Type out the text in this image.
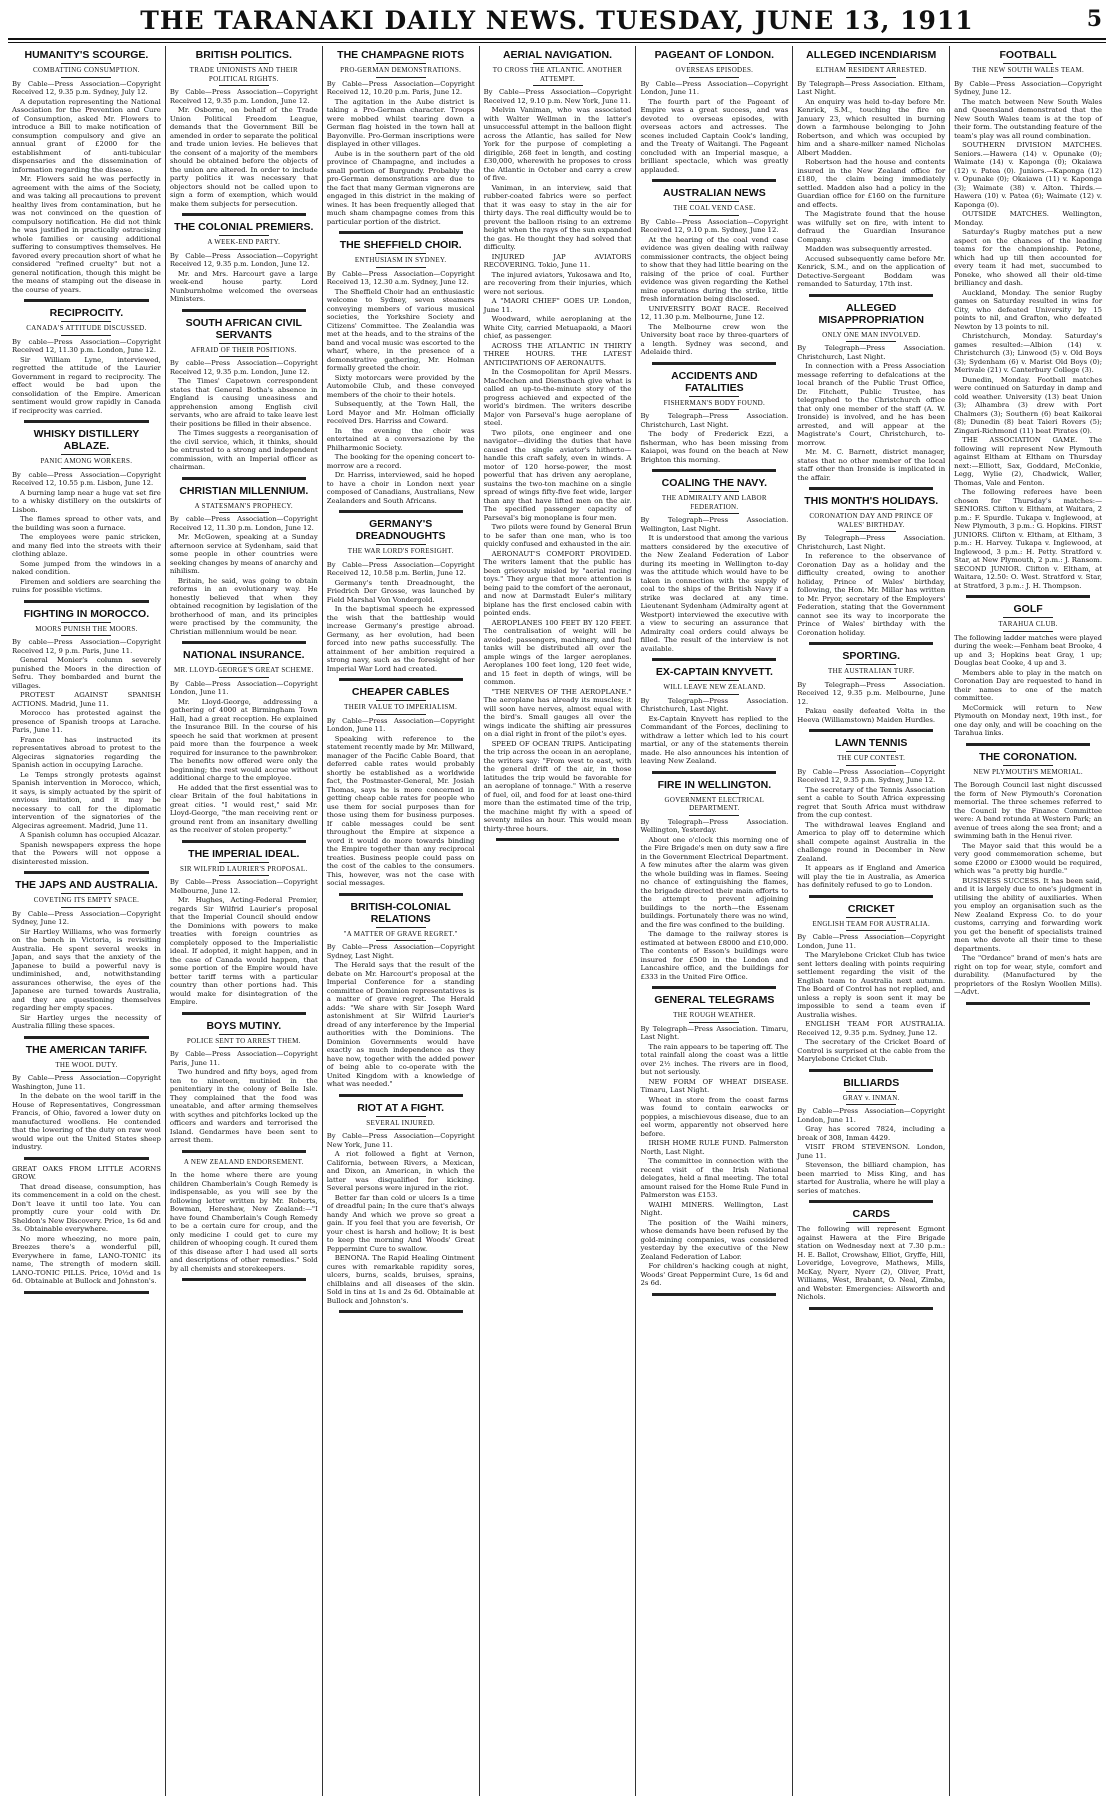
THE TARANAKI DAILY NEWS. TUESDAY, JUNE 13, 1911	5
HUMANITY'S SCOURGE.
COMBATTING CONSUMPTION.

By Cable—Press Association—Copyright Received 12, 9.35 p.m. Sydney, July 12.

A deputation representing the National Association for the Prevention and Cure of Consumption, asked Mr. Flowers to introduce a Bill to make notification of consumption compulsory and give an annual grant of £2000 for the establishment of anti-tubicular dispensaries and the dissemination of information regarding the disease.

Mr. Flowers said he was perfectly in agreement with the aims of the Society, and was taking all precautions to prevent healthy lives from contamination, but he was not convinced on the question of compulsory notification. He did not think he was justified in practically ostracising whole families or causing additional suffering to consumptives themselves. He favored every precaution short of what he considered "refined cruelty" but not a general notification, though this might be the means of stamping out the disease in the course of years.

RECIPROCITY.
CANADA'S ATTITUDE DISCUSSED.

By cable—Press Association—Copyright Received 12, 11.30 p.m. London, June 12.

Sir William Lyne, interviewed, regretted the attitude of the Laurier Government in regard to reciprocity. The effect would be bad upon the consolidation of the Empire. American sentiment would grow rapidly in Canada if reciprocity was carried.

WHISKY DISTILLERY ABLAZE.
PANIC AMONG WORKERS.

By cable—Press Association—Copyright Received 12, 10.55 p.m. Lisbon, June 12.

A burning lamp near a huge vat set fire to a whisky distillery on the outskirts of Lisbon.

The flames spread to other vats, and the building was soon a furnace.

The employees were panic stricken, and many fled into the streets with their clothing ablaze.

Some jumped from the windows in a naked condition.

Firemen and soldiers are searching the ruins for possible victims.

FIGHTING IN MOROCCO.
MOORS PUNISH THE MOORS.

By cable—Press Association—Copyright Received 12, 9 p.m. Paris, June 11.

General Monier's column severely punished the Moors in the direction of Sefru. They bombarded and burnt the villages.

PROTEST AGAINST SPANISH ACTIONS. Madrid, June 11.

Morocco has protested against the presence of Spanish troops at Larache. Paris, June 11.

France has instructed its representatives abroad to protest to the Algeciras signatories regarding the Spanish action in occupying Larache.

Le Temps strongly protests against Spanish intervention in Morocco, which, it says, is simply actuated by the spirit of envious imitation, and it may be necessary to call for the diplomatic intervention of the signatories of the Algeciras agreement. Madrid, June 11.

A Spanish column has occupied Alcazar.

Spanish newspapers express the hope that the Powers will not oppose a disinterested mission.

THE JAPS AND AUSTRALIA.
COVETING ITS EMPTY SPACE.

By Cable—Press Association—Copyright Sydney, June 12.

Sir Hartley Williams, who was formerly on the bench in Victoria, is revisiting Australia. He spent several weeks in Japan, and says that the anxiety of the Japanese to build a powerful navy is undiminished, and, notwithstanding assurances otherwise, the eyes of the Japanese are turned towards Australia, and they are questioning themselves regarding her empty spaces.

Sir Hartley urges the necessity of Australia filling these spaces.

THE AMERICAN TARIFF.
THE WOOL DUTY.

By Cable—Press Association—Copyright Washington, June 11.

In the debate on the wool tariff in the House of Representatives, Congressman Francis, of Ohio, favored a lower duty on manufactured woollens. He contended that the lowering of the duty on raw wool would wipe out the United States sheep industry.

GREAT OAKS FROM LITTLE ACORNS GROW.

That dread disease, consumption, has its commencement in a cold on the chest. Don't leave it until too late. You can promptly cure your cold with Dr. Sheldon's New Discovery. Price, 1s 6d and 3s. Obtainable everywhere.

No more wheezing, no more pain, Breezes there's a wonderful pill, Everywhere in fame, LANO-TONIC its name, The strength of modern skill. LANO-TONIC PILLS. Price, 10½d and 1s 6d. Obtainable at Bullock and Johnston's.

BRITISH POLITICS.
TRADE UNIONISTS AND THEIR POLITICAL RIGHTS.

By Cable—Press Association—Copyright Received 12, 9.35 p.m. London, June 12.

Mr. Osborne, on behalf of the Trade Union Political Freedom League, demands that the Government Bill be amended in order to separate the political and trade union levies. He believes that the consent of a majority of the members should be obtained before the objects of the union are altered. In order to include party politics it was necessary that objectors should not be called upon to sign a form of exemption, which would make them subjects for persecution.

THE COLONIAL PREMIERS.
A WEEK-END PARTY.

By Cable—Press Association—Copyright Received 12, 9.35 p.m. London, June 12.

Mr. and Mrs. Harcourt gave a large week-end house party. Lord Nunburnholme welcomed the overseas Ministers.

SOUTH AFRICAN CIVIL SERVANTS
AFRAID OF THEIR POSITIONS.

By cable—Press Association—Copyright Received 12, 9.35 p.m. London, June 12.

The Times' Capetown correspondent states that General Botha's absence in England is causing uneasiness and apprehension among English civil servants, who are afraid to take leave lest their positions be filled in their absence.

The Times suggests a reorganisation of the civil service, which, it thinks, should be entrusted to a strong and independent commission, with an Imperial officer as chairman.

CHRISTIAN MILLENNIUM.
A STATESMAN'S PROPHECY.

By cable—Press Association—Copyright Received 12, 11.30 p.m. London, June 12.

Mr. McGowen, speaking at a Sunday afternoon service at Sydenham, said that some people in other countries were seeking changes by means of anarchy and nihilism.

Britain, he said, was going to obtain reforms in an evolutionary way. He honestly believed that when they obtained recognition by legislation of the brotherhood of man, and its principles were practised by the community, the Christian millennium would be near.

NATIONAL INSURANCE.
MR. LLOYD-GEORGE'S GREAT SCHEME.

By Cable—Press Association—Copyright London, June 11.

Mr. Lloyd-George, addressing a gathering of 4000 at Birmingham Town Hall, had a great reception. He explained the Insurance Bill. In the course of his speech he said that workmen at present paid more than the fourpence a week required for insurance to the pawnbroker. The benefits now offered were only the beginning; the rest would accrue without additional charge to the employee.

He added that the first essential was to clear Britain of the foul habitations in great cities. "I would rest," said Mr. Lloyd-George, "the man receiving rent or ground rent from an insanitary dwelling as the receiver of stolen property."

THE IMPERIAL IDEAL.
SIR WILFRID LAURIER'S PROPOSAL.

By Cable—Press Association—Copyright Melbourne, June 12.

Mr. Hughes, Acting-Federal Premier, regards Sir Wilfrid Laurier's proposal that the Imperial Council should endow the Dominions with powers to make treaties with foreign countries as completely opposed to the Imperialistic ideal. If adopted, it might happen, and in the case of Canada would happen, that some portion of the Empire would have better tariff terms with a particular country than other portions had. This would make for disintegration of the Empire.

BOYS MUTINY.
POLICE SENT TO ARREST THEM.

By Cable—Press Association—Copyright Paris, June 11.

Two hundred and fifty boys, aged from ten to nineteen, mutinied in the penitentiary in the colony of Belle Isle. They complained that the food was uneatable, and after arming themselves with scythes and pitchforks locked up the officers and warders and terrorised the Island. Gendarmes have been sent to arrest them.

A NEW ZEALAND ENDORSEMENT.

In the home where there are young children Chamberlain's Cough Remedy is indispensable, as you will see by the following letter written by Mr. Roberts, Bowman, Hereshaw, New Zealand:—"I have found Chamberlain's Cough Remedy to be a certain cure for croup, and the only medicine I could get to cure my children of whooping cough. It cured them of this disease after I had used all sorts and descriptions of other remedies." Sold by all chemists and storekeepers.

THE CHAMPAGNE RIOTS
PRO-GERMAN DEMONSTRATIONS.

By Cable—Press Association—Copyright Received 12, 10.20 p.m. Paris, June 12.

The agitation in the Aube district is taking a Pro-German character. Troops were mobbed whilst tearing down a German flag hoisted in the town hall at Bayonville. Pro-German inscriptions were displayed in other villages.

Aube is in the southern part of the old province of Champagne, and includes a small portion of Burgundy. Probably the pro-German demonstrations are due to the fact that many German vignerons are engaged in this district in the making of wines. It has been frequently alleged that much sham champagne comes from this particular portion of the district.

THE SHEFFIELD CHOIR.
ENTHUSIASM IN SYDNEY.

By Cable—Press Association—Copyright Received 13, 12.30 a.m. Sydney, June 12.

The Sheffield Choir had an enthusiastic welcome to Sydney, seven steamers conveying members of various musical societies, the Yorkshire Society and Citizens' Committee. The Zealandia was met at the heads, and to the strains of the band and vocal music was escorted to the wharf, where, in the presence of a demonstrative gathering, Mr. Holman formally greeted the choir.

Sixty motorcars were provided by the Automobile Club, and these conveyed members of the choir to their hotels.

Subsequently, at the Town Hall, the Lord Mayor and Mr. Holman officially received Drs. Harriss and Coward.

In the evening the choir was entertained at a conversazione by the Philharmonic Society.

The booking for the opening concert to-morrow are a record.

Dr. Harriss, interviewed, said he hoped to have a choir in London next year composed of Canadians, Australians, New Zealanders and South Africans.

GERMANY'S DREADNOUGHTS
THE WAR LORD'S FORESIGHT.

By Cable—Press Association—Copyright Received 12, 10.58 p.m. Berlin, June 12.

Germany's tenth Dreadnought, the Friedrich Der Grosse, was launched by Field Marshal Von Vondergold.

In the baptismal speech he expressed the wish that the battleship would increase Germany's prestige abroad. Germany, as her evolution, had been forced into new paths successfully. The attainment of her ambition required a strong navy, such as the foresight of her Imperial War Lord had created.

CHEAPER CABLES
THEIR VALUE TO IMPERIALISM.

By Cable—Press Association—Copyright London, June 11.

Speaking with reference to the statement recently made by Mr. Millward, manager of the Pacific Cable Board, that deferred cable rates would probably shortly be established as a worldwide fact, the Postmaster-General, Mr. Josiah Thomas, says he is more concerned in getting cheap cable rates for people who use them for social purposes than for those using them for business purposes. If cable messages could be sent throughout the Empire at sixpence a word it would do more towards binding the Empire together than any reciprocal treaties. Business people could pass on the cost of the cables to the consumers. This, however, was not the case with social messages.

BRITISH-COLONIAL RELATIONS
"A MATTER OF GRAVE REGRET."

By Cable—Press Association—Copyright Sydney, Last Night.

The Herald says that the result of the debate on Mr. Harcourt's proposal at the Imperial Conference for a standing committee of Dominion representatives is a matter of grave regret. The Herald adds: "We share with Sir Joseph Ward astonishment at Sir Wilfrid Laurier's dread of any interference by the Imperial authorities with the Dominions. The Dominion Governments would have exactly as much independence as they have now, together with the added power of being able to co-operate with the United Kingdom with a knowledge of what was needed."

RIOT AT A FIGHT.
SEVERAL INJURED.

By Cable—Press Association—Copyright New York, June 11.

A riot followed a fight at Vernon, California, between Rivers, a Mexican, and Dixon, an American, in which the latter was disqualified for kicking. Several persons were injured in the riot.

Better far than cold or ulcers Is a time of dreadful pain; In the cure that's always handy And which we prove so great a gain. If you feel that you are feverish, Or your chest is harsh and hollow; It is best to keep the morning And Woods' Great Peppermint Cure to swallow.

BENONA. The Rapid Healing Ointment cures with remarkable rapidity sores, ulcers, burns, scalds, bruises, sprains, chilblains and all diseases of the skin. Sold in tins at 1s and 2s 6d. Obtainable at Bullock and Johnston's.

AERIAL NAVIGATION.
TO CROSS THE ATLANTIC. ANOTHER ATTEMPT.

By Cable—Press Association—Copyright Received 12, 9.10 p.m. New York, June 11.

Melvin Vaniman, who was associated with Walter Wellman in the latter's unsuccessful attempt in the balloon flight across the Atlantic, has sailed for New York for the purpose of completing a dirigible, 268 feet in length, and costing £30,000, wherewith he proposes to cross the Atlantic in October and carry a crew of five.

Vaniman, in an interview, said that rubber-coated fabrics were so perfect that it was easy to stay in the air for thirty days. The real difficulty would be to prevent the balloon rising to an extreme height when the rays of the sun expanded the gas. He thought they had solved that difficulty.

INJURED JAP AVIATORS RECOVERING. Tokio, June 11.

The injured aviators, Yukosawa and Ito, are recovering from their injuries, which were not serious.

A "MAORI CHIEF" GOES UP. London, June 11.

Woodward, while aeroplaning at the White City, carried Metuapaoki, a Maori chief, as passenger.

ACROSS THE ATLANTIC IN THIRTY THREE HOURS. THE LATEST ANTICIPATIONS OF AERONAUTS.

In the Cosmopolitan for April Messrs. MacMechen and Dienstbach give what is called an up-to-the-minute story of the progress achieved and expected of the world's birdmen. The writers describe Major von Parseval's huge aeroplane of steel.

Two pilots, one engineer and one navigator—dividing the duties that have caused the single aviator's hitherto—handle this craft safely, even in winds. A motor of 120 horse-power, the most powerful that has driven any aeroplane, sustains the two-ton machine on a single spread of wings fifty-five feet wide, larger than any that have lifted men on the air. The specified passenger capacity of Parseval's big monoplane is four men.

Two pilots were found by General Brun to be safer than one man, who is too quickly confused and exhausted in the air.

AERONAUT'S COMFORT PROVIDED. The writers lament that the public has been grievously misled by "aerial racing toys." They argue that more attention is being paid to the comfort of the aeronaut, and now at Darmstadt Euler's military biplane has the first enclosed cabin with pointed ends.

AEROPLANES 100 FEET BY 120 FEET. The centralisation of weight will be avoided; passengers, machinery, and fuel tanks will be distributed all over the ample wings of the larger aeroplanes. Aeroplanes 100 feet long, 120 feet wide, and 15 feet in depth of wings, will be common.

"THE NERVES OF THE AEROPLANE." The aeroplane has already its muscles; it will soon have nerves, almost equal with the bird's. Small gauges all over the wings indicate the shifting air pressures on a dial right in front of the pilot's eyes.

SPEED OF OCEAN TRIPS. Anticipating the trip across the ocean in an aeroplane, the writers say: "From west to east, with the general drift of the air, in those latitudes the trip would be favorable for an aeroplane of tonnage." With a reserve of fuel, oil, and food for at least one-third more than the estimated time of the trip, the machine might fly with a speed of seventy miles an hour. This would mean thirty-three hours.

PAGEANT OF LONDON.
OVERSEAS EPISODES.

By Cable—Press Association—Copyright London, June 11.

The fourth part of the Pageant of Empire was a great success, and was devoted to overseas episodes, with overseas actors and actresses. The scenes included Captain Cook's landing, and the Treaty of Waitangi. The Pageant concluded with an Imperial masque, a brilliant spectacle, which was greatly applauded.

AUSTRALIAN NEWS
THE COAL VEND CASE.

By Cable—Press Association—Copyright Received 12, 9.10 p.m. Sydney, June 12.

At the hearing of the coal vend case evidence was given dealing with railway commissioner contracts, the object being to show that they had little bearing on the raising of the price of coal. Further evidence was given regarding the Kethel mine operations during the strike, little fresh information being disclosed.

UNIVERSITY BOAT RACE. Received 12, 11.30 p.m. Melbourne, June 12.

The Melbourne crew won the University boat race by three-quarters of a length. Sydney was second, and Adelaide third.

ACCIDENTS AND FATALITIES
FISHERMAN'S BODY FOUND.

By Telegraph—Press Association. Christchurch, Last Night.

The body of Frederick Ezzi, a fisherman, who has been missing from Kaiapoi, was found on the beach at New Brighton this morning.

COALING THE NAVY.
THE ADMIRALTY AND LABOR FEDERATION.

By Telegraph—Press Association. Wellington, Last Night.

It is understood that among the various matters considered by the executive of the New Zealand Federation of Labor during its meeting in Wellington to-day was the attitude which would have to be taken in connection with the supply of coal to the ships of the British Navy if a strike was declared at any time. Lieutenant Sydenham (Admiralty agent at Westport) interviewed the executive with a view to securing an assurance that Admiralty coal orders could always be filled. The result of the interview is not available.

EX-CAPTAIN KNYVETT.
WILL LEAVE NEW ZEALAND.

By Telegraph—Press Association. Christchurch, Last Night.

Ex-Captain Knyvett has replied to the Commandant of the Forces, declining to withdraw a letter which led to his court martial, or any of the statements therein made. He also announces his intention of leaving New Zealand.

FIRE IN WELLINGTON.
GOVERNMENT ELECTRICAL DEPARTMENT.

By Telegraph—Press Association. Wellington, Yesterday.

About one o'clock this morning one of the Fire Brigade's men on duty saw a fire in the Government Electrical Department. A few minutes after the alarm was given the whole building was in flames. Seeing no chance of extinguishing the flames, the brigade directed their main efforts to the attempt to prevent adjoining buildings to the north—the Essenam buildings. Fortunately there was no wind, and the fire was confined to the building.

The damage to the railway stores is estimated at between £8000 and £10,000. The contents of Esson's buildings were insured for £500 in the London and Lancashire office, and the buildings for £333 in the United Fire Office.

GENERAL TELEGRAMS
THE ROUGH WEATHER.

By Telegraph—Press Association. Timaru, Last Night.

The rain appears to be tapering off. The total rainfall along the coast was a little over 2½ inches. The rivers are in flood, but not seriously.

NEW FORM OF WHEAT DISEASE. Timaru, Last Night.

Wheat in store from the coast farms was found to contain earwocks or poppies, a mischievous disease, due to an eel worm, apparently not observed here before.

IRISH HOME RULE FUND. Palmerston North, Last Night.

The committee in connection with the recent visit of the Irish National delegates, held a final meeting. The total amount raised for the Home Rule Fund in Palmerston was £153.

WAIHI MINERS. Wellington, Last Night.

The position of the Waihi miners, whose demands have been refused by the gold-mining companies, was considered yesterday by the executive of the New Zealand Federation of Labor.

For children's hacking cough at night, Woods' Great Peppermint Cure, 1s 6d and 2s 6d.

ALLEGED INCENDIARISM
ELTHAM RESIDENT ARRESTED.

By Telegraph—Press Association. Eltham, Last Night.

An enquiry was held to-day before Mr. Kenrick, S.M., touching the fire on January 23, which resulted in burning down a farmhouse belonging to John Robertson, and which was occupied by him and a share-milker named Nicholas Albert Madden.

Robertson had the house and contents insured in the New Zealand office for £180, the claim being immediately settled. Madden also had a policy in the Guardian office for £160 on the furniture and effects.

The Magistrate found that the house was wilfully set on fire, with intent to defraud the Guardian Insurance Company.

Madden was subsequently arrested.

Accused subsequently came before Mr. Kenrick, S.M., and on the application of Detective-Sergeant Boddam was remanded to Saturday, 17th inst.

ALLEGED MISAPPROPRIATION
ONLY ONE MAN INVOLVED.

By Telegraph—Press Association. Christchurch, Last Night.

In connection with a Press Association message referring to defalcations at the local branch of the Public Trust Office, Dr. Fitchett, Public Trustee, has telegraphed to the Christchurch office that only one member of the staff (A. W. Ironside) is involved, and he has been arrested, and will appear at the Magistrate's Court, Christchurch, to-morrow.

Mr. M. C. Barnett, district manager, states that no other member of the local staff other than Ironside is implicated in the affair.

THIS MONTH'S HOLIDAYS.
CORONATION DAY AND PRINCE OF WALES' BIRTHDAY.

By Telegraph—Press Association. Christchurch, Last Night.

In reference to the observance of Coronation Day as a holiday and the difficulty created, owing to another holiday, Prince of Wales' birthday, following, the Hon. Mr. Millar has written to Mr. Pryor, secretary of the Employers' Federation, stating that the Government cannot see its way to incorporate the Prince of Wales' birthday with the Coronation holiday.

SPORTING.
THE AUSTRALIAN TURF.

By Telegraph—Press Association. Received 12, 9.35 p.m. Melbourne, June 12.

Pakau easily defeated Volta in the Heeva (Williamstown) Maiden Hurdles.

LAWN TENNIS
THE CUP CONTEST.

By Cable—Press Association—Copyright Received 12, 9.35 p.m. Sydney, June 12.

The secretary of the Tennis Association sent a cable to South Africa expressing regret that South Africa must withdraw from the cup contest.

The withdrawal leaves England and America to play off to determine which shall compete against Australia in the challenge round in December in New Zealand.

It appears as if England and America will play the tie in Australia, as America has definitely refused to go to London.

CRICKET
ENGLISH TEAM FOR AUSTRALIA.

By Cable—Press Association—Copyright London, June 11.

The Marylebone Cricket Club has twice sent letters dealing with points requiring settlement regarding the visit of the English team to Australia next autumn. The Board of Control has not replied, and unless a reply is soon sent it may be impossible to send a team even if Australia wishes.

ENGLISH TEAM FOR AUSTRALIA. Received 12, 9.35 p.m. Sydney, June 12.

The secretary of the Cricket Board of Control is surprised at the cable from the Marylebone Cricket Club.

BILLIARDS
GRAY v. INMAN.

By Cable—Press Association—Copyright London, June 11.

Gray has scored 7824, including a break of 308, Inman 4429.

VISIT FROM STEVENSON. London, June 11.

Stevenson, the billiard champion, has been married to Miss King, and has started for Australia, where he will play a series of matches.

CARDS

The following will represent Egmont against Hawera at the Fire Brigade station on Wednesday next at 7.30 p.m.: H. E. Ballot, Crowshaw, Elliot, Gryffe, Hill, Loveridge, Lovegrove, Mathews, Mills, McKay, Nyerr, Nyerr (2), Oliver, Pratt, Williams, West, Brabant, O. Neal, Zimba, and Webster. Emergencies: Ailsworth and Nichols.

FOOTBALL
THE NEW SOUTH WALES TEAM.

By Cable—Press Association—Copyright Sydney, June 12.

The match between New South Wales and Queensland demonstrated that the New South Wales team is at the top of their form. The outstanding feature of the team's play was all round combination.

SOUTHERN DIVISION MATCHES. Seniors.—Hawera (14) v. Opunake (0); Waimate (14) v. Kaponga (0); Okaiawa (12) v. Patea (0). Juniors.—Kaponga (12) v. Opunake (0); Okaiawa (11) v. Kaponga (3); Waimate (38) v. Alton. Thirds.—Hawera (10) v. Patea (6); Waimate (12) v. Kaponga (0).

OUTSIDE MATCHES. Wellington, Monday.

Saturday's Rugby matches put a new aspect on the chances of the leading teams for the championship. Petone, which had up till then accounted for every team it had met, succumbed to Poneke, who showed all their old-time brilliancy and dash.

Auckland, Monday. The senior Rugby games on Saturday resulted in wins for City, who defeated University by 15 points to nil, and Grafton, who defeated Newton by 13 points to nil.

Christchurch, Monday. Saturday's games resulted:—Albion (14) v. Christchurch (3); Linwood (5) v. Old Boys (3); Sydenham (6) v. Marist Old Boys (0); Merivale (21) v. Canterbury College (3).

Dunedin, Monday. Football matches were continued on Saturday in damp and cold weather. University (13) beat Union (3); Alhambra (3) drew with Port Chalmers (3); Southern (6) beat Kaikorai (8); Dunedin (8) beat Taieri Rovers (5); Zingari-Richmond (11) beat Pirates (0).

THE ASSOCIATION GAME. The following will represent New Plymouth against Eltham at Eltham on Thursday next:—Elliott, Sax, Goddard, McConkie, Legg, Wylie (2), Chadwick, Waller, Thomas, Vale and Fenton.

The following referees have been chosen for Thursday's matches:—SENIORS. Clifton v. Eltham, at Waitara, 2 p.m.: F. Spurdle. Tukapa v. Inglewood, at New Plymouth, 3 p.m.: G. Hopkins. FIRST JUNIORS. Clifton v. Eltham, at Eltham, 3 p.m.: H. Harvey. Tukapa v. Inglewood, at Inglewood, 3 p.m.: H. Petty. Stratford v. Star, at New Plymouth, 2 p.m.: J. Ransom. SECOND JUNIOR. Clifton v. Eltham, at Waitara, 12.50: O. West. Stratford v. Star, at Stratford, 3 p.m.: J. H. Thompson.

GOLF
TARAHUA CLUB.

The following ladder matches were played during the week:—Fenham beat Brooke, 4 up and 3; Hopkins beat Gray, 1 up; Douglas beat Cooke, 4 up and 3.

Members able to play in the match on Coronation Day are requested to hand in their names to one of the match committee.

McCormick will return to New Plymouth on Monday next, 19th inst., for one day only, and will be coaching on the Tarahua links.

THE CORONATION.
NEW PLYMOUTH'S MEMORIAL.

The Borough Council last night discussed the form of New Plymouth's Coronation memorial. The three schemes referred to the Council by the Finance Committee were: A band rotunda at Western Park; an avenue of trees along the sea front; and a swimming bath in the Henui river.

The Mayor said that this would be a very good commemoration scheme, but some £2000 or £3000 would be required, which was "a pretty big hurdle."

BUSINESS SUCCESS. It has been said, and it is largely due to one's judgment in utilising the ability of auxiliaries. When you employ an organisation such as the New Zealand Express Co. to do your customs, carrying and forwarding work you get the benefit of specialists trained men who devote all their time to these departments.

The "Ordance" brand of men's hats are right on top for wear, style, comfort and durability. (Manufactured by the proprietors of the Roslyn Woollen Mills).—Advt.
